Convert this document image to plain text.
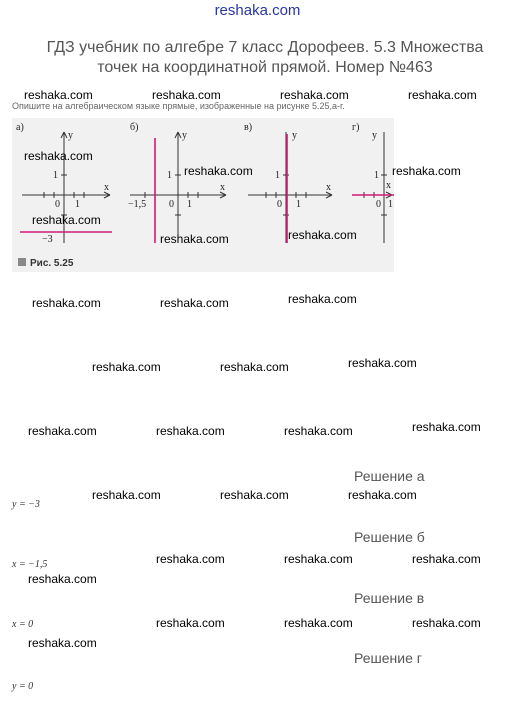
reshaka.com
ГДЗ учебник по алгебре 7 класс Дорофеев. 5.3 Множества
точек на координатной прямой. Номер №463
Опишите на алгебраическом языке прямые, изображенные на рисунке 5.25,а-г.
а)
y
x
0 1
1
−3
б)
y
x
0 1
1
−1,5
в)
y
x
0 1
1
г)
y
x
0 1
1
Рис. 5.25
reshaka.com
reshaka.com	reshaka.com
reshaka.com
reshaka.com	reshaka.com
reshaka.com	reshaka.com	reshaka.com	reshaka.com
reshaka.com	reshaka.com	reshaka.com
reshaka.com	reshaka.com	reshaka.com
reshaka.com	reshaka.com	reshaka.com	reshaka.com
reshaka.com	reshaka.com	reshaka.com
reshaka.com	reshaka.com	reshaka.com
reshaka.com
reshaka.com	reshaka.com	reshaka.com
reshaka.com
Решение а
y = −3
Решение б
x = −1,5
Решение в
x = 0
Решение г
y = 0
